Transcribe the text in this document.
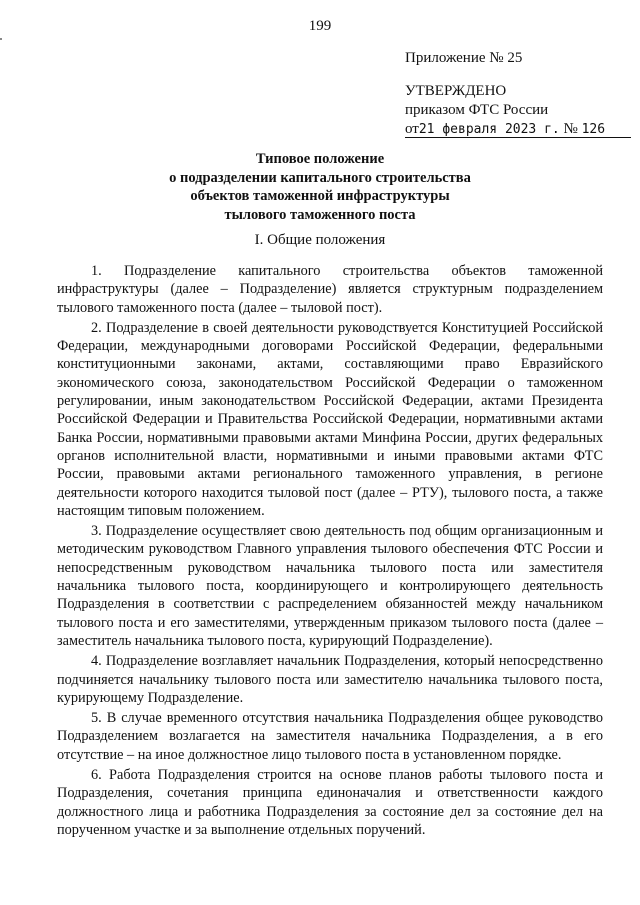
199
Приложение № 25
УТВЕРЖДЕНО
приказом ФТС России
от21 февраля 2023 г. № 126
Типовое положение
о подразделении капитального строительства
объектов таможенной инфраструктуры
тылового таможенного поста
I. Общие положения

1. Подразделение капитального строительства объектов таможенной инфраструктуры (далее – Подразделение) является структурным подразделением тылового таможенного поста (далее – тыловой пост).

2. Подразделение в своей деятельности руководствуется Конституцией Российской Федерации, международными договорами Российской Федерации, федеральными конституционными законами, актами, составляющими право Евразийского экономического союза, законодательством Российской Федерации о таможенном регулировании, иным законодательством Российской Федерации, актами Президента Российской Федерации и Правительства Российской Федерации, нормативными актами Банка России, нормативными правовыми актами Минфина России, других федеральных органов исполнительной власти, нормативными и иными правовыми актами ФТС России, правовыми актами регионального таможенного управления, в регионе деятельности которого находится тыловой пост (далее – РТУ), тылового поста, а также настоящим типовым положением.

3. Подразделение осуществляет свою деятельность под общим организационным и методическим руководством Главного управления тылового обеспечения ФТС России и непосредственным руководством начальника тылового поста или заместителя начальника тылового поста, координирующего и контролирующего деятельность Подразделения в соответствии с распределением обязанностей между начальником тылового поста и его заместителями, утвержденным приказом тылового поста (далее – заместитель начальника тылового поста, курирующий Подразделение).

4. Подразделение возглавляет начальник Подразделения, который непосредственно подчиняется начальнику тылового поста или заместителю начальника тылового поста, курирующему Подразделение.

5. В случае временного отсутствия начальника Подразделения общее руководство Подразделением возлагается на заместителя начальника Подразделения, а в его отсутствие – на иное должностное лицо тылового поста в установленном порядке.

6. Работа Подразделения строится на основе планов работы тылового поста и Подразделения, сочетания принципа единоначалия и ответственности каждого должностного лица и работника Подразделения за состояние дел за состояние дел на порученном участке и за выполнение отдельных поручений.
